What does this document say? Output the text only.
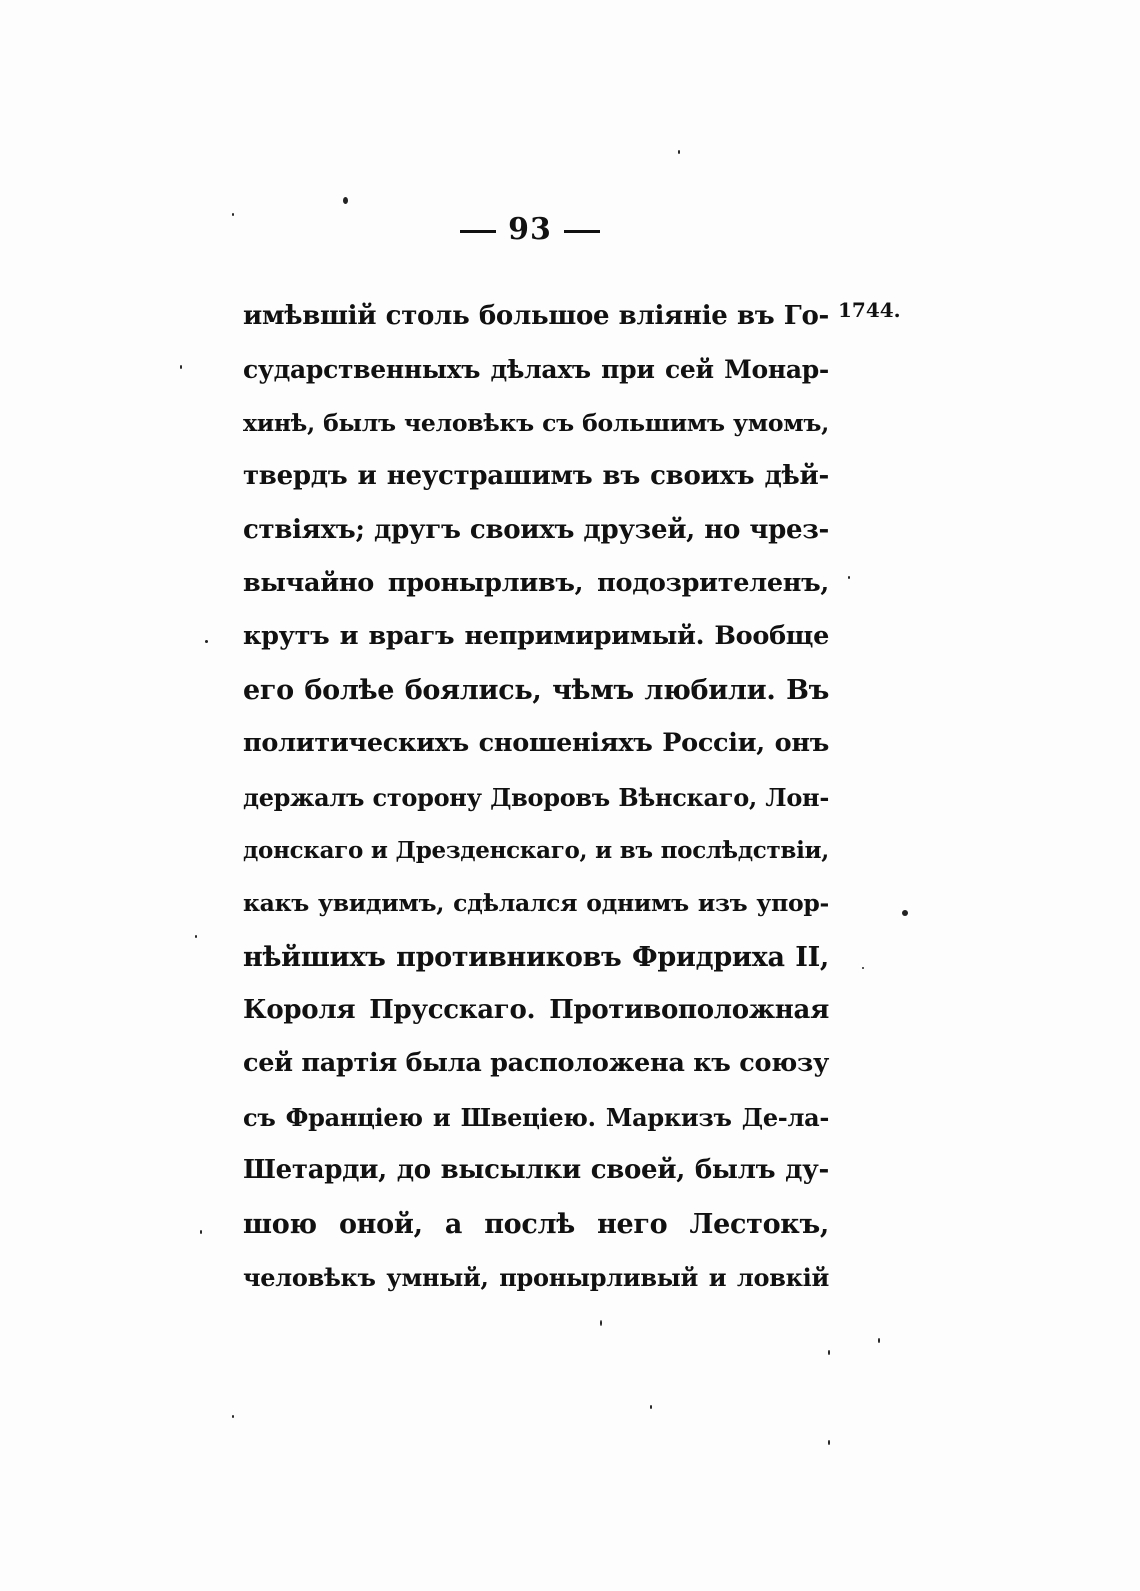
93
1744.
имѣвшій столь большое вліяніе въ Го-
сударственныхъ дѣлахъ при сей Монар-
хинѣ, былъ человѣкъ съ большимъ умомъ,
твердъ и неустрашимъ въ своихъ дѣй-
ствіяхъ; другъ своихъ друзей, но чрез-
вычайно пронырливъ, подозрителенъ,
крутъ и врагъ непримиримый. Вообще
его болѣе боялись, чѣмъ любили. Въ
политическихъ сношеніяхъ Россіи, онъ
держалъ сторону Дворовъ Вѣнскаго, Лон-
донскаго и Дрезденскаго, и въ послѣдствіи,
какъ увидимъ, сдѣлался однимъ изъ упор-
нѣйшихъ противниковъ Фридриха II,
Короля Прусскаго. Противоположная
сей партія была расположена къ союзу
съ Франціею и Швеціею. Маркизъ Де-ла-
Шетарди, до высылки своей, былъ ду-
шою оной, а послѣ него Лестокъ,
человѣкъ умный, пронырливый и ловкій
